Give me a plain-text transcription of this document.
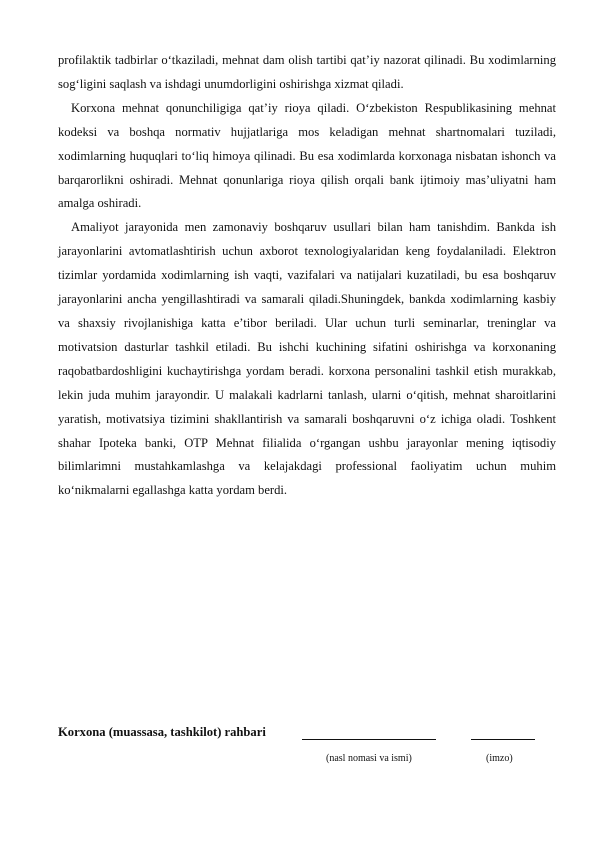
profilaktik tadbirlar o‘tkaziladi, mehnat dam olish tartibi qat’iy nazorat qilinadi. Bu xodimlarning sog‘ligini saqlash va ishdagi unumdorligini oshirishga xizmat qiladi.

Korxona mehnat qonunchiligiga qat’iy rioya qiladi. O‘zbekiston Respublikasining mehnat kodeksi va boshqa normativ hujjatlariga mos keladigan mehnat shartnomalari tuziladi, xodimlarning huquqlari to‘liq himoya qilinadi. Bu esa xodimlarda korxonaga nisbatan ishonch va barqarorlikni oshiradi. Mehnat qonunlariga rioya qilish orqali bank ijtimoiy mas’uliyatni ham amalga oshiradi.

Amaliyot jarayonida men zamonaviy boshqaruv usullari bilan ham tanishdim. Bankda ish jarayonlarini avtomatlashtirish uchun axborot texnologiyalaridan keng foydalaniladi. Elektron tizimlar yordamida xodimlarning ish vaqti, vazifalari va natijalari kuzatiladi, bu esa boshqaruv jarayonlarini ancha yengillashtiradi va samarali qiladi.Shuningdek, bankda xodimlarning kasbiy va shaxsiy rivojlanishiga katta e’tibor beriladi. Ular uchun turli seminarlar, treninglar va motivatsion dasturlar tashkil etiladi. Bu ishchi kuchining sifatini oshirishga va korxonaning raqobatbardoshligini kuchaytirishga yordam beradi. korxona personalini tashkil etish murakkab, lekin juda muhim jarayondir. U malakali kadrlarni tanlash, ularni o‘qitish, mehnat sharoitlarini yaratish, motivatsiya tizimini shakllantirish va samarali boshqaruvni o‘z ichiga oladi. Toshkent shahar Ipoteka banki, OTP Mehnat filialida o‘rgangan ushbu jarayonlar mening iqtisodiy bilimlarimni mustahkamlashga va kelajakdagi professional faoliyatim uchun muhim ko‘nikmalarni egallashga katta yordam berdi.

Korxona (muassasa, tashkilot) rahbari
(nasl nomasi va ismi)	(imzo)
